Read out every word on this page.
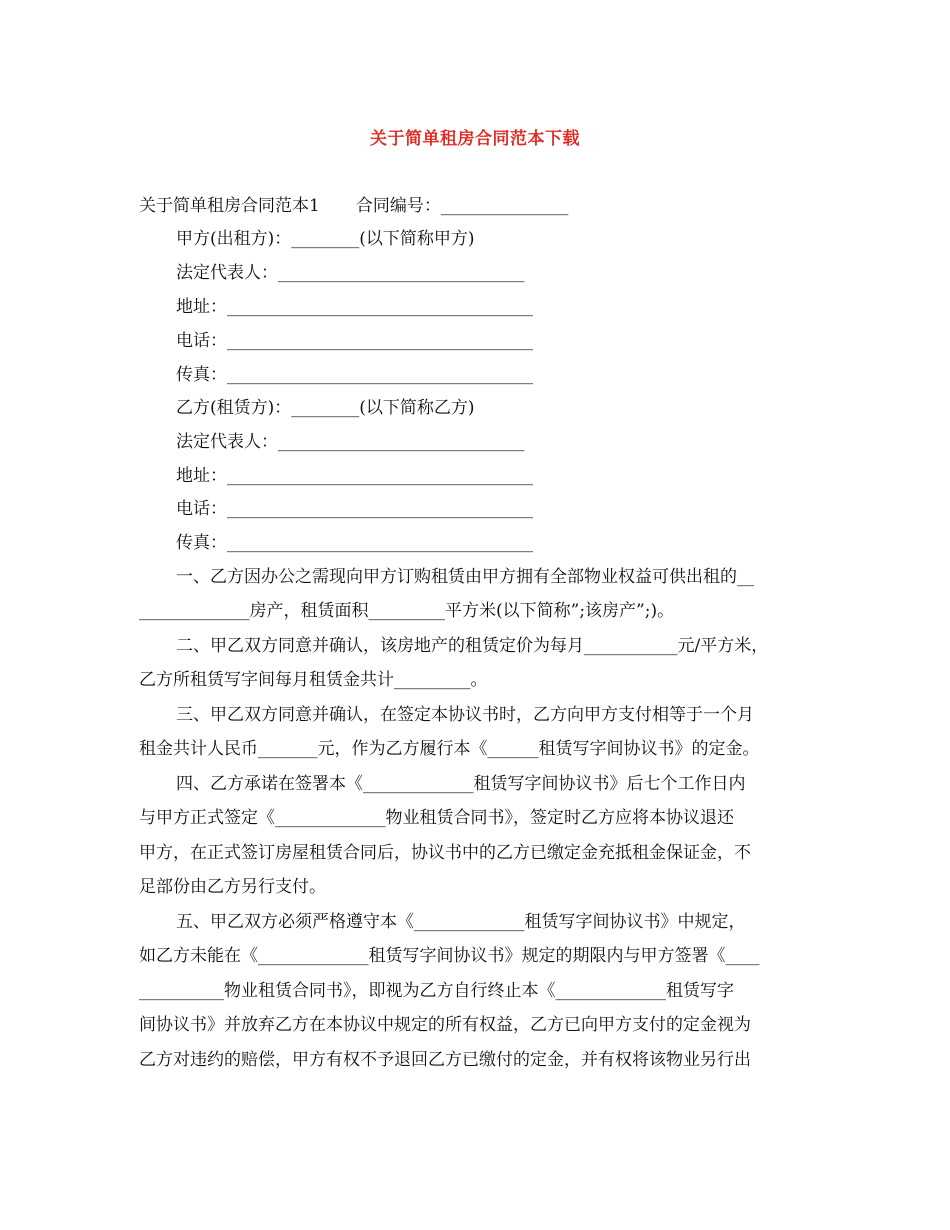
关于简单租房合同范本下载
关于简单租房合同范本1 合同编号：_______________
甲方(出租方)：________(以下简称甲方)
法定代表人：_____________________________
地址：____________________________________
电话：____________________________________
传真：____________________________________
乙方(租赁方)：________(以下简称乙方)
法定代表人：_____________________________
地址：____________________________________
电话：____________________________________
传真：____________________________________
一、乙方因办公之需现向甲方订购租赁由甲方拥有全部物业权益可供出租的__
_____________房产，租赁面积_________平方米(以下简称”;该房产”;)。
二、甲乙双方同意并确认，该房地产的租赁定价为每月___________元/平方米，
乙方所租赁写字间每月租赁金共计_________。
三、甲乙双方同意并确认，在签定本协议书时，乙方向甲方支付相等于一个月
租金共计人民币_______元，作为乙方履行本《______租赁写字间协议书》的定金。
四、乙方承诺在签署本《_____________租赁写字间协议书》后七个工作日内
与甲方正式签定《_____________物业租赁合同书》，签定时乙方应将本协议退还
甲方，在正式签订房屋租赁合同后，协议书中的乙方已缴定金充抵租金保证金，不
足部份由乙方另行支付。
五、甲乙双方必须严格遵守本《_____________租赁写字间协议书》中规定，
如乙方未能在《_____________租赁写字间协议书》规定的期限内与甲方签署《____
__________物业租赁合同书》，即视为乙方自行终止本《_____________租赁写字
间协议书》并放弃乙方在本协议中规定的所有权益，乙方已向甲方支付的定金视为
乙方对违约的赔偿，甲方有权不予退回乙方已缴付的定金，并有权将该物业另行出
